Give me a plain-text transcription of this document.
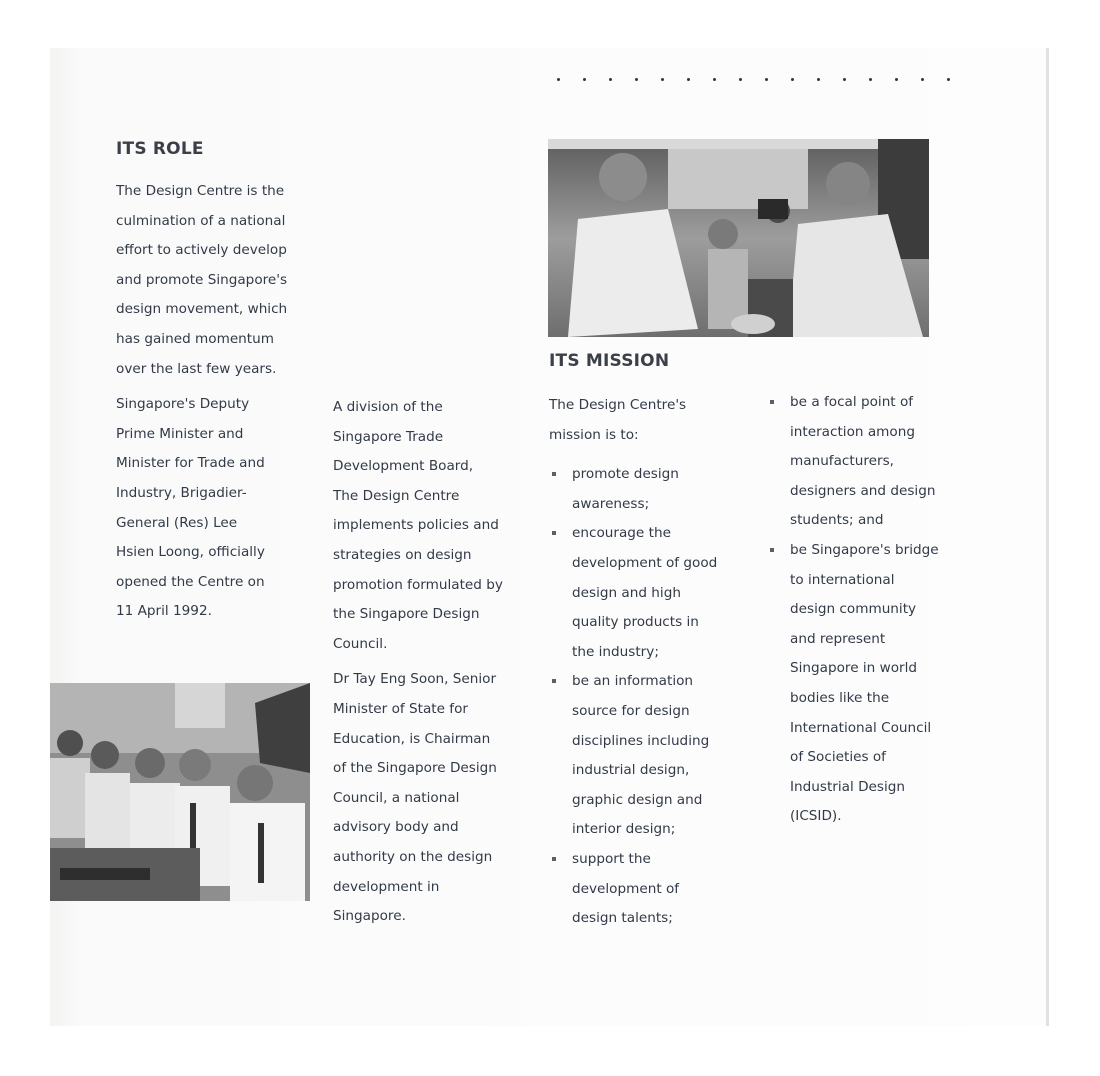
ITS ROLE

The Design Centre is the
culmination of a national
effort to actively develop
and promote Singapore's
design movement, which
has gained momentum
over the last few years.

Singapore's Deputy
Prime Minister and
Minister for Trade and
Industry, Brigadier-
General (Res) Lee
Hsien Loong, officially
opened the Centre on
11 April 1992.

A division of the
Singapore Trade
Development Board,
The Design Centre
implements policies and
strategies on design
promotion formulated by
the Singapore Design
Council.

Dr Tay Eng Soon, Senior
Minister of State for
Education, is Chairman
of the Singapore Design
Council, a national
advisory body and
authority on the design
development in
Singapore.

ITS MISSION

The Design Centre's
mission is to:

promote design
awareness;
encourage the
development of good
design and high
quality products in
the industry;
be an information
source for design
disciplines including
industrial design,
graphic design and
interior design;
support the
development of
design talents;
be a focal point of
interaction among
manufacturers,
designers and design
students; and
be Singapore's bridge
to international
design community
and represent
Singapore in world
bodies like the
International Council
of Societies of
Industrial Design
(ICSID).
